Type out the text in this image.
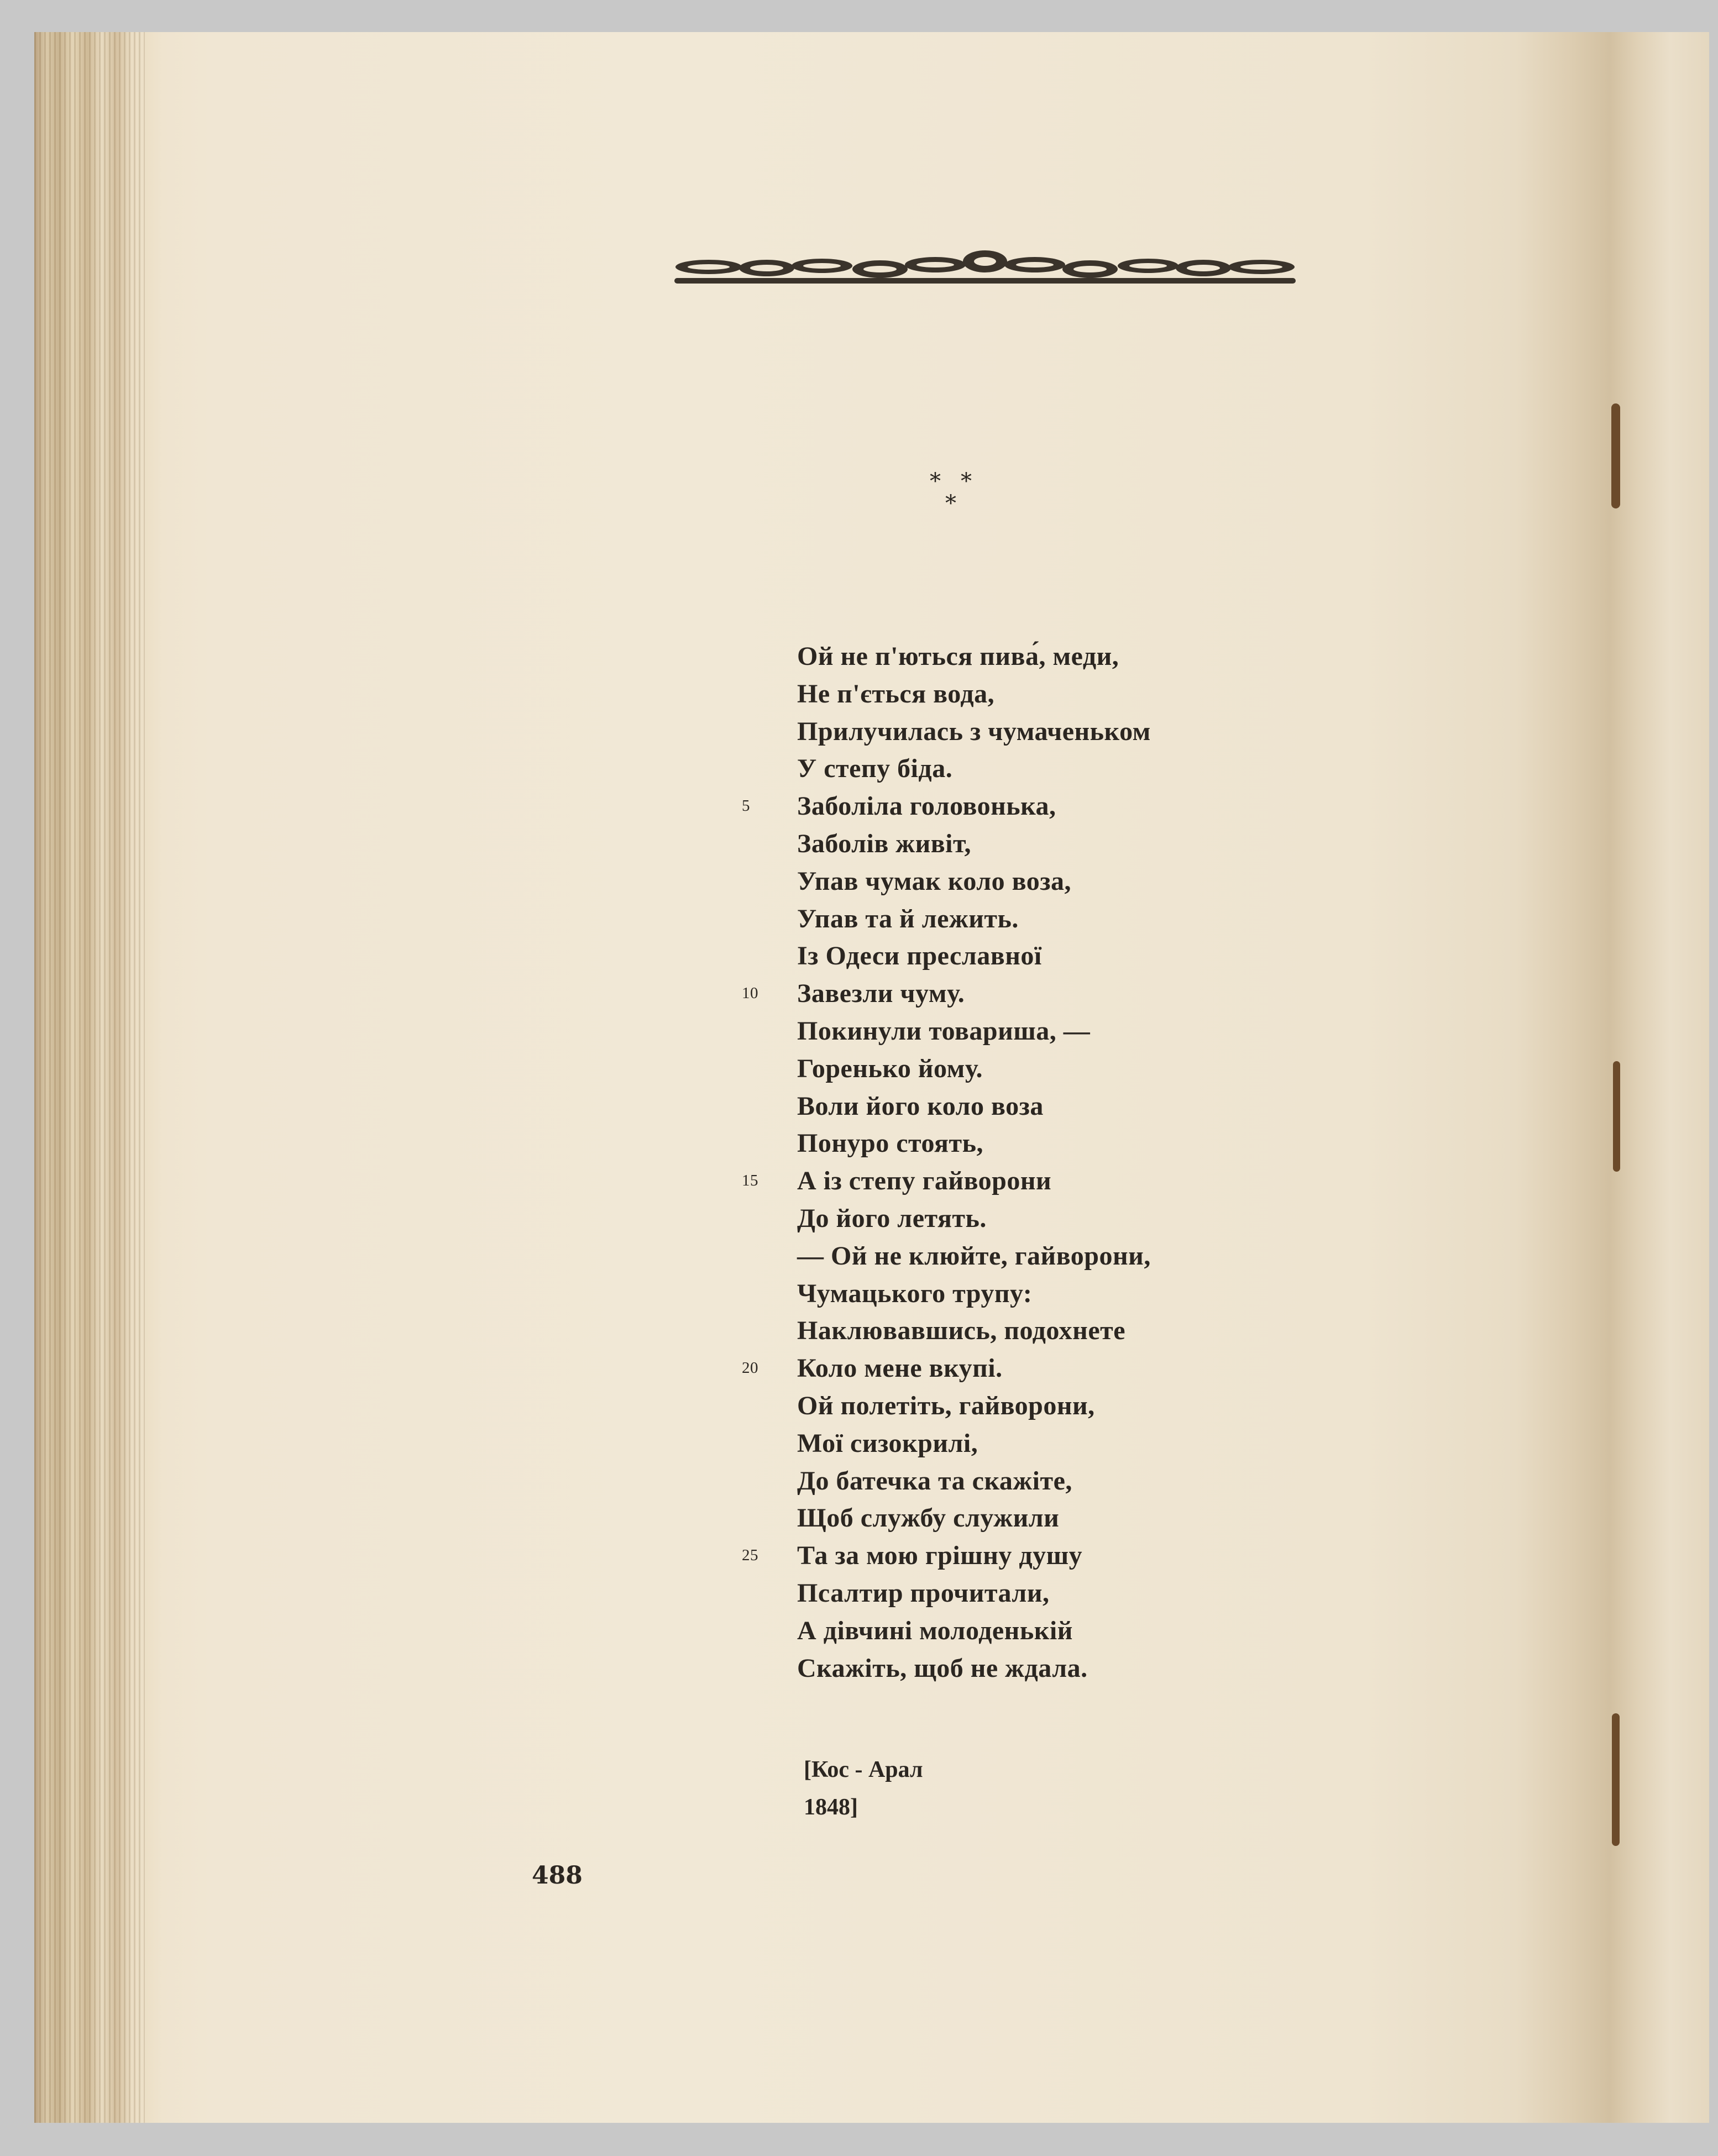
* *
*
Ой не п'ються пива́, меди,
Не п'ється вода,
Прилучилась з чумаченьком
У степу біда.
5	Заболіла головонька,
Заболів живіт,
Упав чумак коло воза,
Упав та й лежить.
Із Одеси преславної
10	Завезли чуму.
Покинули товариша, —
Горенько йому.
Воли його коло воза
Понуро стоять,
15	А із степу гайворони
До його летять.
— Ой не клюйте, гайворони,
Чумацького трупу:
Наклювавшись, подохнете
20	Коло мене вкупі.
Ой полетіть, гайворони,
Мої сизокрилі,
До батечка та скажіте,
Щоб службу служили
25	Та за мою грішну душу
Псалтир прочитали,
А дівчині молоденькій
Скажіть, щоб не ждала.
[Кос - Арал
1848]
488
